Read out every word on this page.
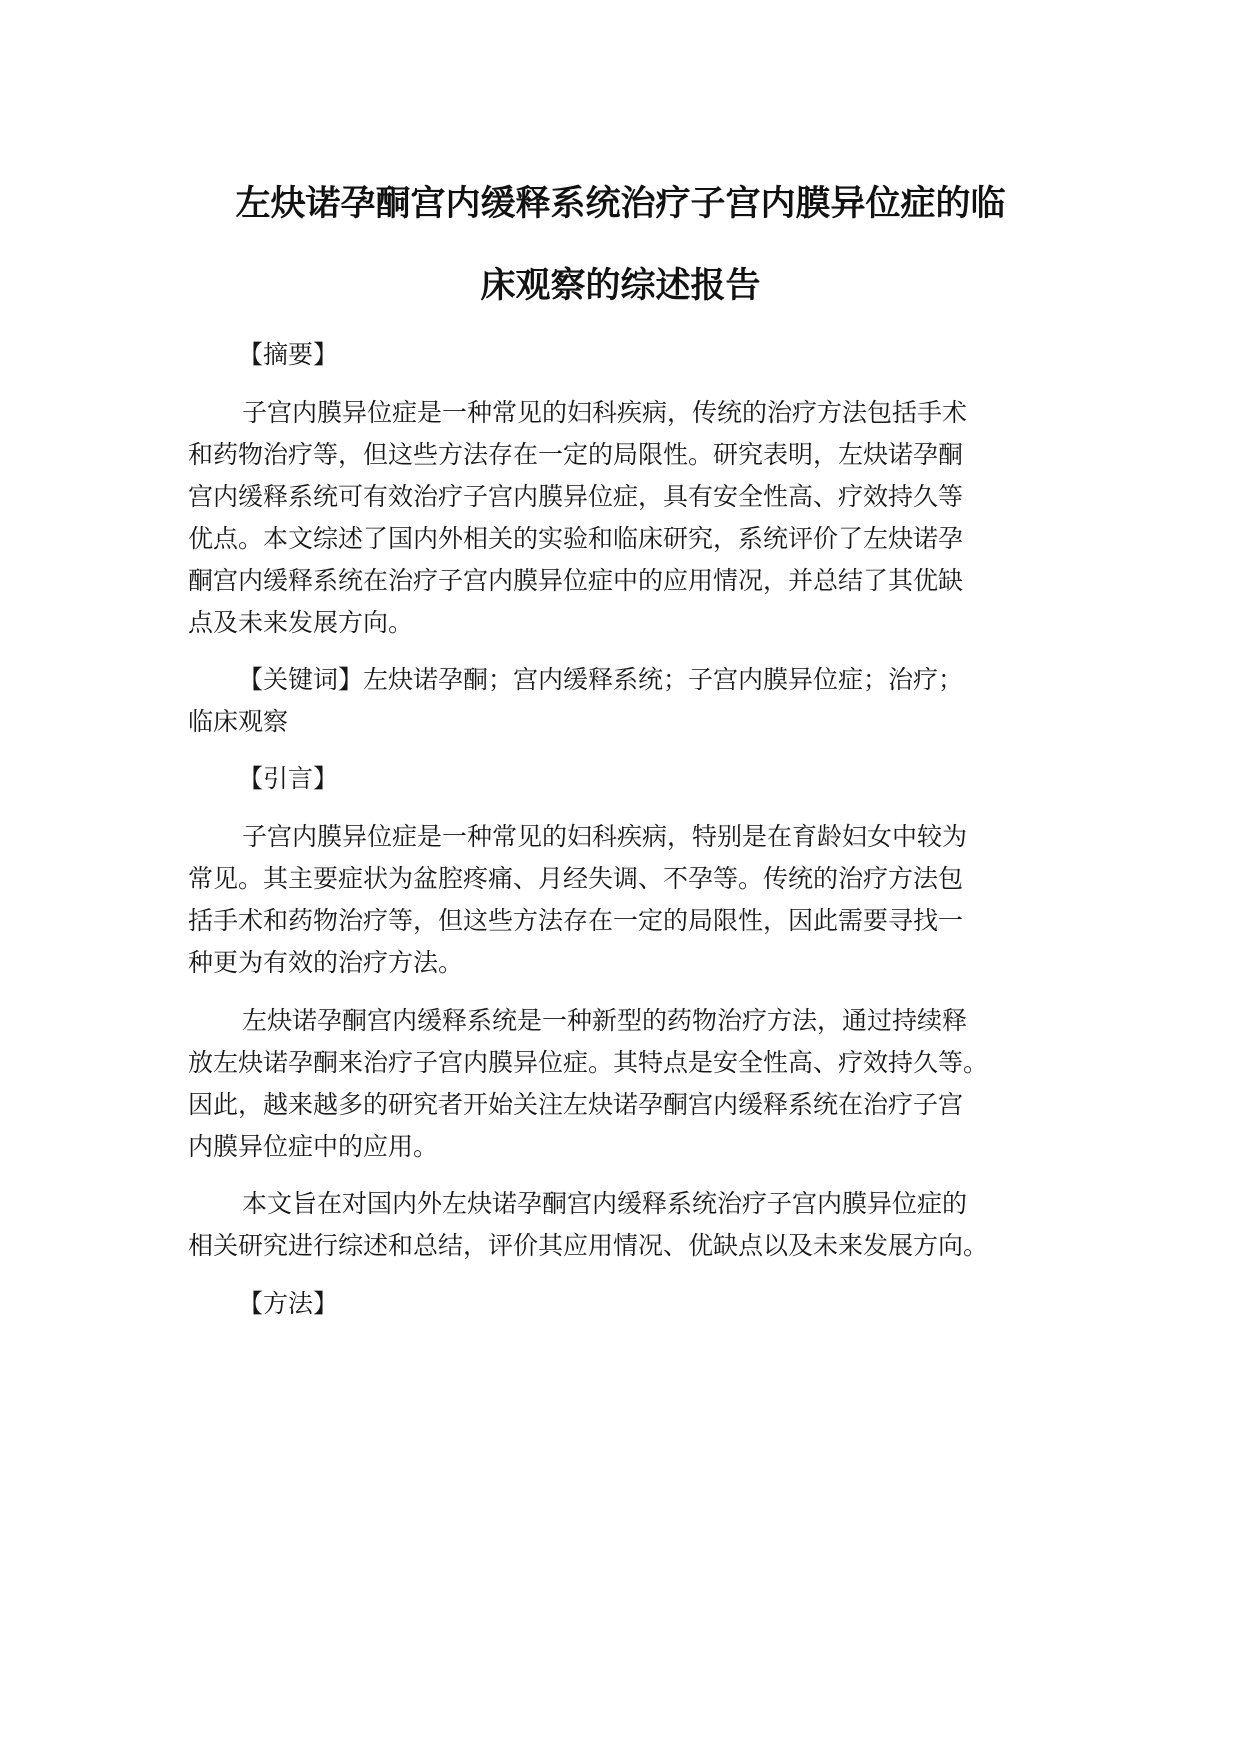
左炔诺孕酮宫内缓释系统治疗子宫内膜异位症的临
床观察的综述报告
【摘要】
子宫内膜异位症是一种常见的妇科疾病，传统的治疗方法包括手术
和药物治疗等，但这些方法存在一定的局限性。研究表明，左炔诺孕酮
宫内缓释系统可有效治疗子宫内膜异位症，具有安全性高、疗效持久等
优点。本文综述了国内外相关的实验和临床研究，系统评价了左炔诺孕
酮宫内缓释系统在治疗子宫内膜异位症中的应用情况，并总结了其优缺
点及未来发展方向。
【关键词】左炔诺孕酮；宫内缓释系统；子宫内膜异位症；治疗；
临床观察
【引言】
子宫内膜异位症是一种常见的妇科疾病，特别是在育龄妇女中较为
常见。其主要症状为盆腔疼痛、月经失调、不孕等。传统的治疗方法包
括手术和药物治疗等，但这些方法存在一定的局限性，因此需要寻找一
种更为有效的治疗方法。
左炔诺孕酮宫内缓释系统是一种新型的药物治疗方法，通过持续释
放左炔诺孕酮来治疗子宫内膜异位症。其特点是安全性高、疗效持久等。
因此，越来越多的研究者开始关注左炔诺孕酮宫内缓释系统在治疗子宫
内膜异位症中的应用。
本文旨在对国内外左炔诺孕酮宫内缓释系统治疗子宫内膜异位症的
相关研究进行综述和总结，评价其应用情况、优缺点以及未来发展方向。
【方法】
